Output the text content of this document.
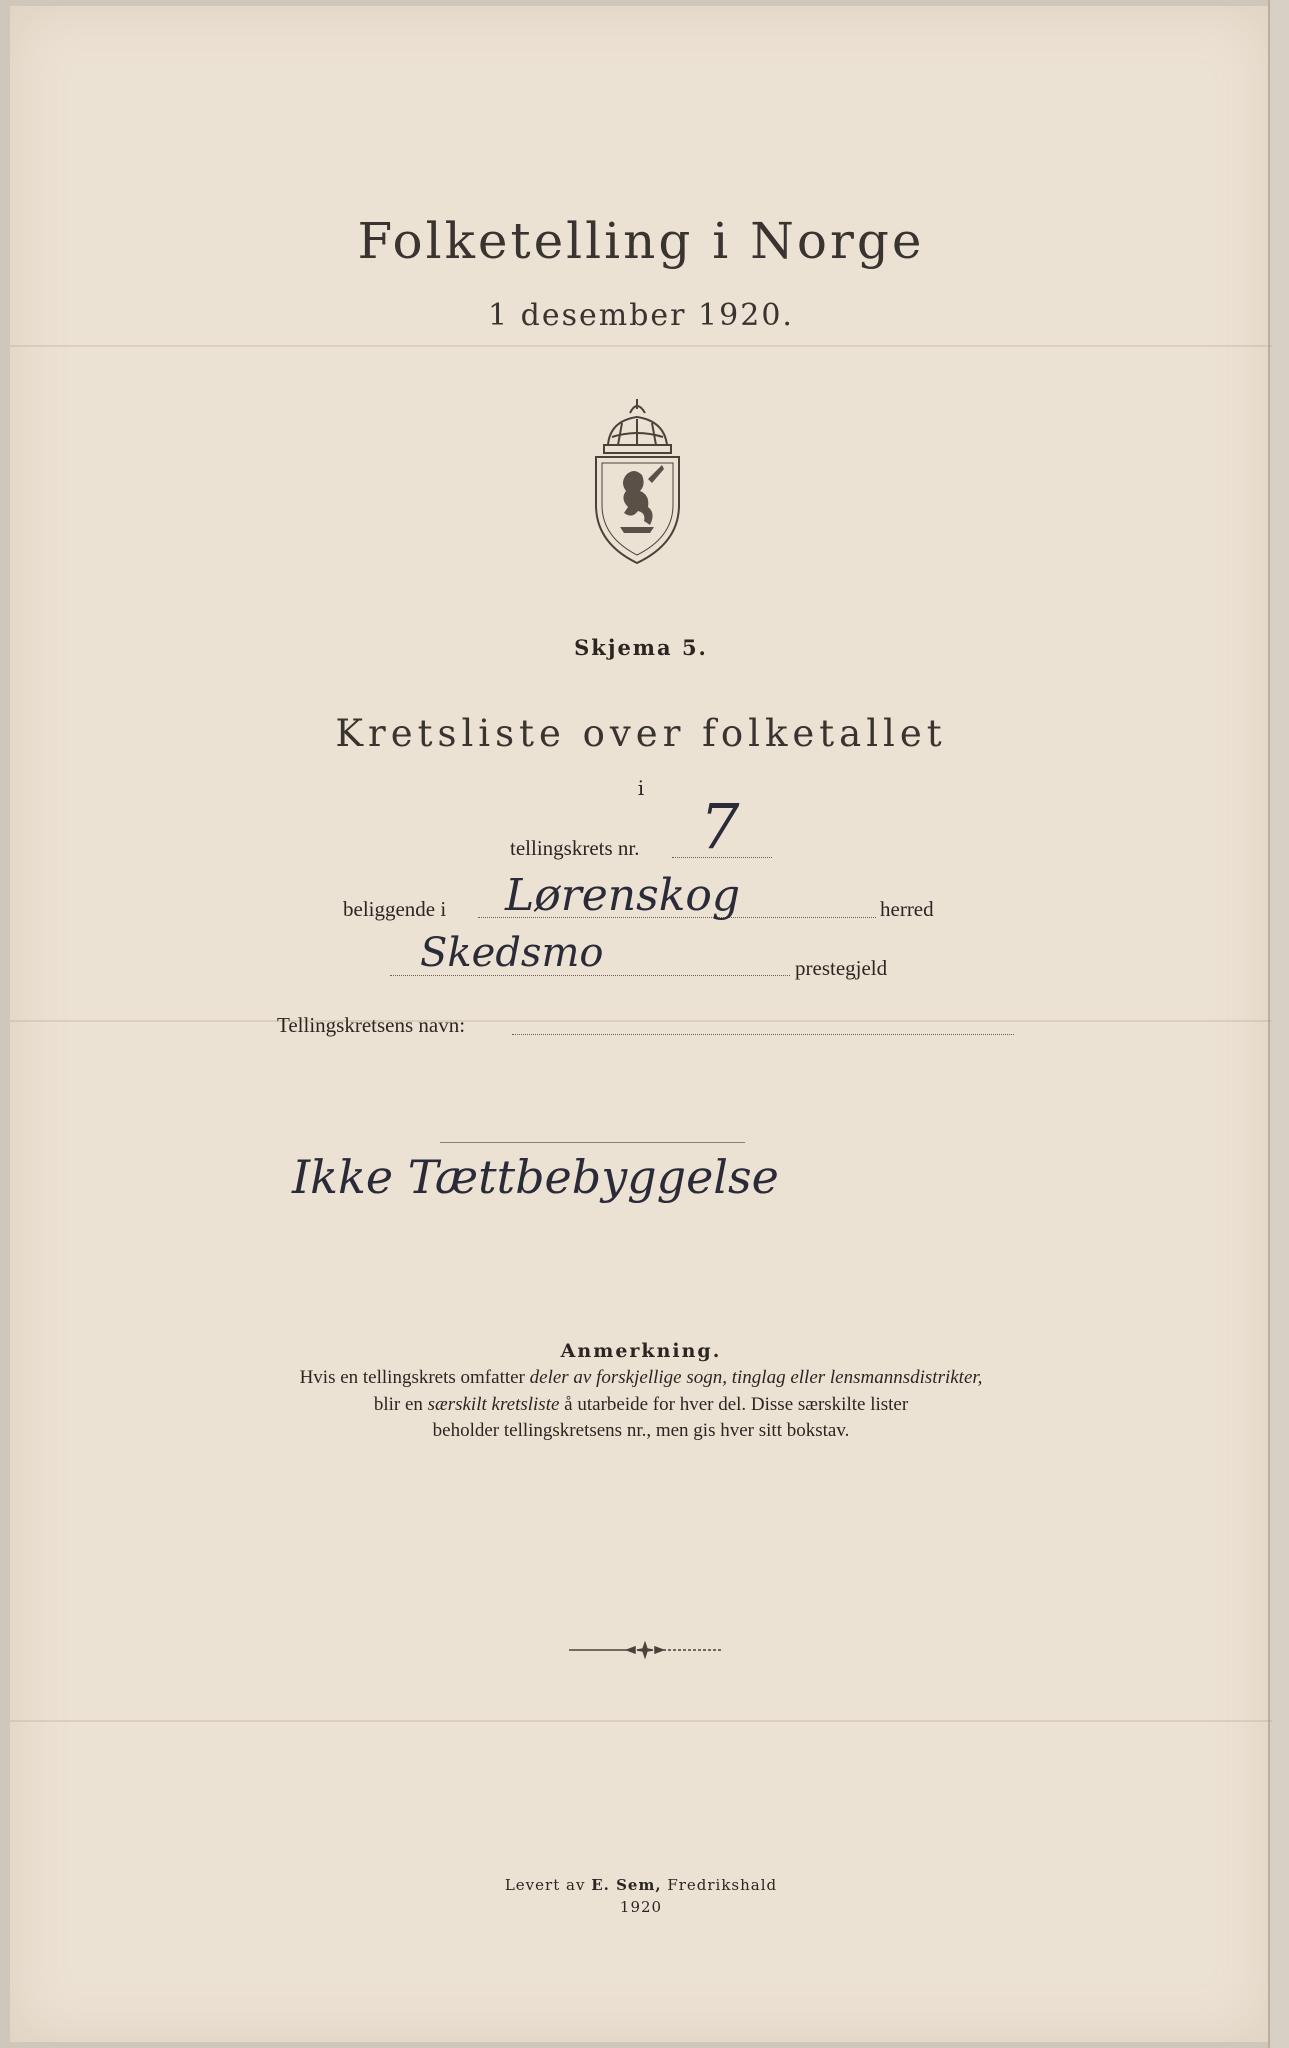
Folketelling i Norge
1 desember 1920.
Skjema 5.
Kretsliste over folketallet
i
tellingskrets nr. 7
beliggende i Lørenskog	herred
Skedsmo	prestegjeld
Tellingskretsens navn:
Ikke Tættbebyggelse
Anmerkning.
Hvis en tellingskrets omfatter deler av forskjellige sogn, tinglag eller lensmannsdistrikter,
blir en særskilt kretsliste å utarbeide for hver del. Disse særskilte lister
beholder tellingskretsens nr., men gis hver sitt bokstav.
Levert av E. Sem, Fredrikshald
1920
